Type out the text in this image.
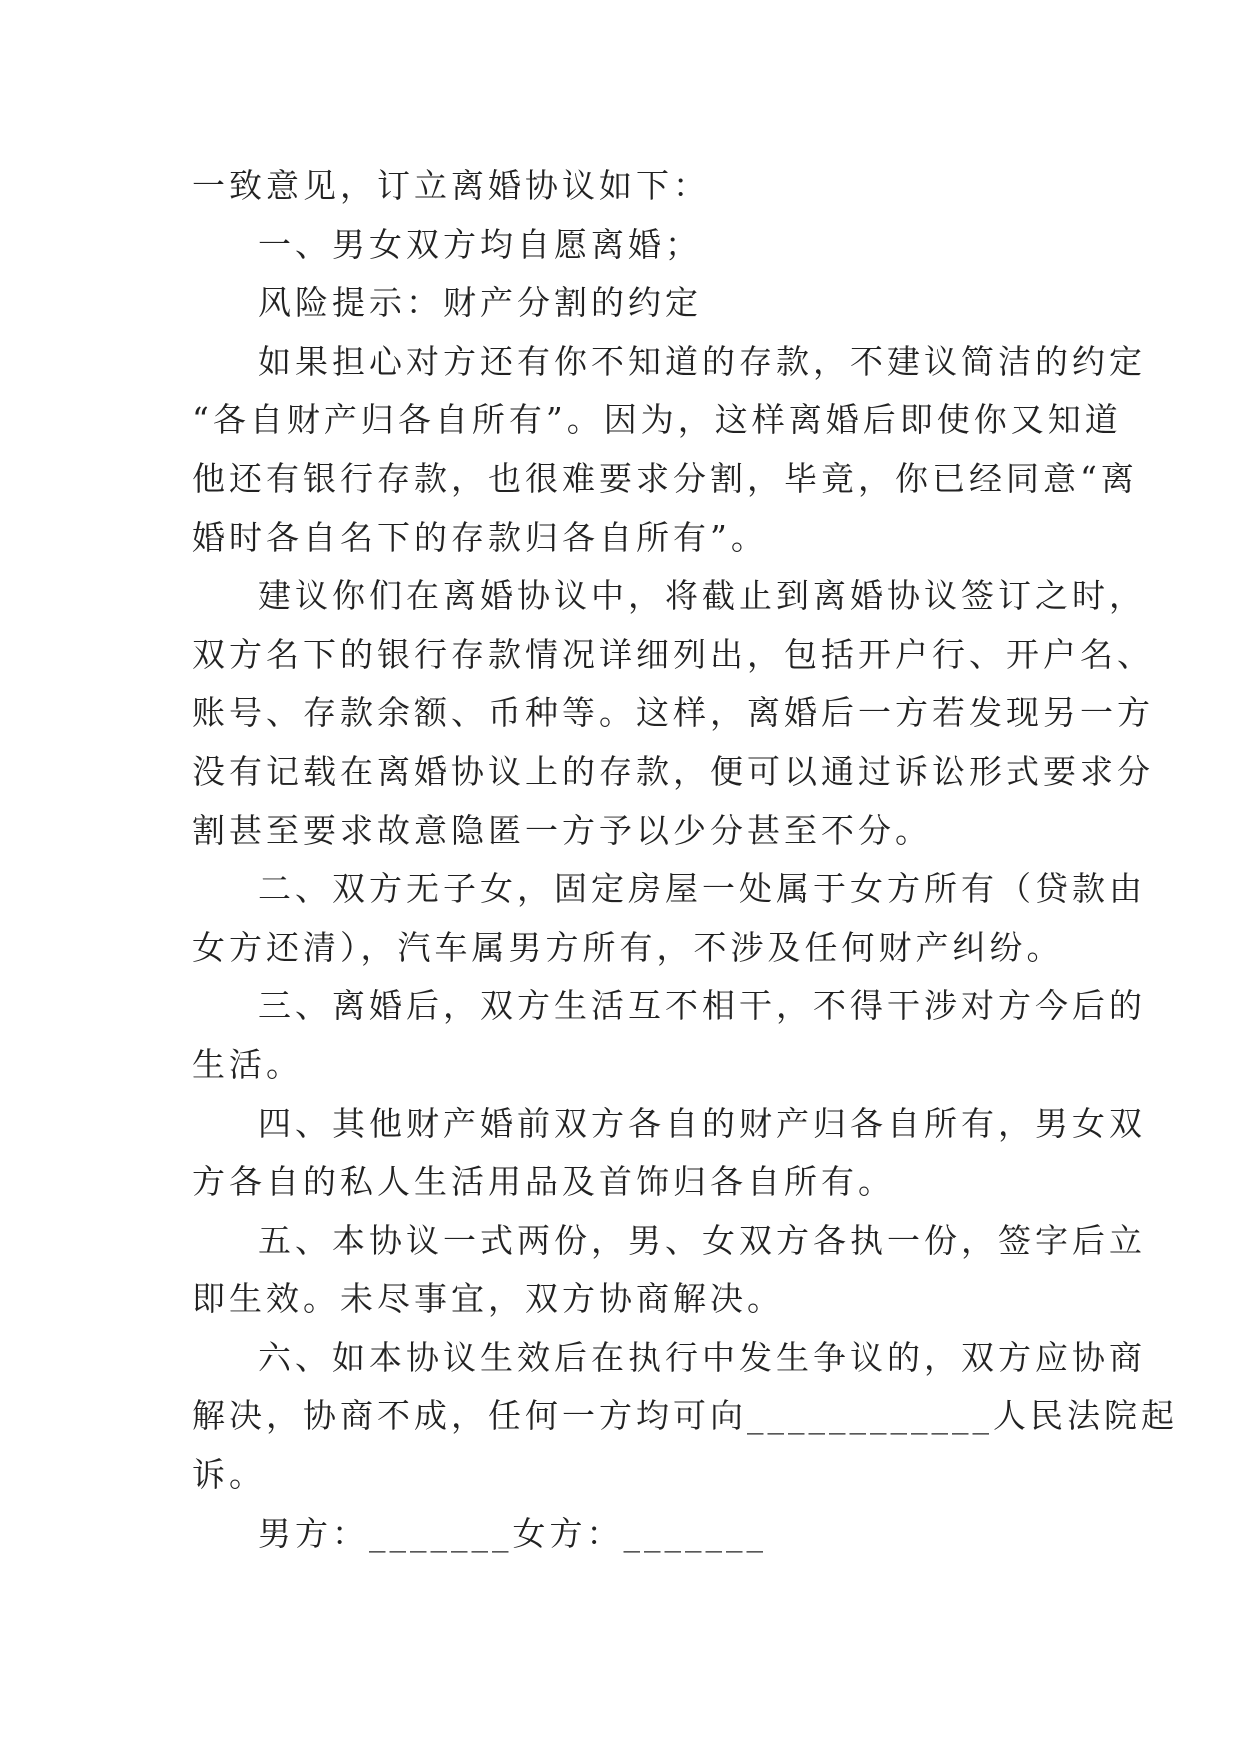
一致意见，订立离婚协议如下：
一、男女双方均自愿离婚；
风险提示：财产分割的约定
如果担心对方还有你不知道的存款，不建议简洁的约定
“各自财产归各自所有”。因为，这样离婚后即使你又知道
他还有银行存款，也很难要求分割，毕竟，你已经同意“离
婚时各自名下的存款归各自所有”。
建议你们在离婚协议中，将截止到离婚协议签订之时，
双方名下的银行存款情况详细列出，包括开户行、开户名、
账号、存款余额、币种等。这样，离婚后一方若发现另一方
没有记载在离婚协议上的存款，便可以通过诉讼形式要求分
割甚至要求故意隐匿一方予以少分甚至不分。
二、双方无子女，固定房屋一处属于女方所有（贷款由
女方还清），汽车属男方所有，不涉及任何财产纠纷。
三、离婚后，双方生活互不相干，不得干涉对方今后的
生活。
四、其他财产婚前双方各自的财产归各自所有，男女双
方各自的私人生活用品及首饰归各自所有。
五、本协议一式两份，男、女双方各执一份，签字后立
即生效。未尽事宜，双方协商解决。
六、如本协议生效后在执行中发生争议的，双方应协商
解决，协商不成，任何一方均可向____________人民法院起
诉。
男方：_______女方：_______
